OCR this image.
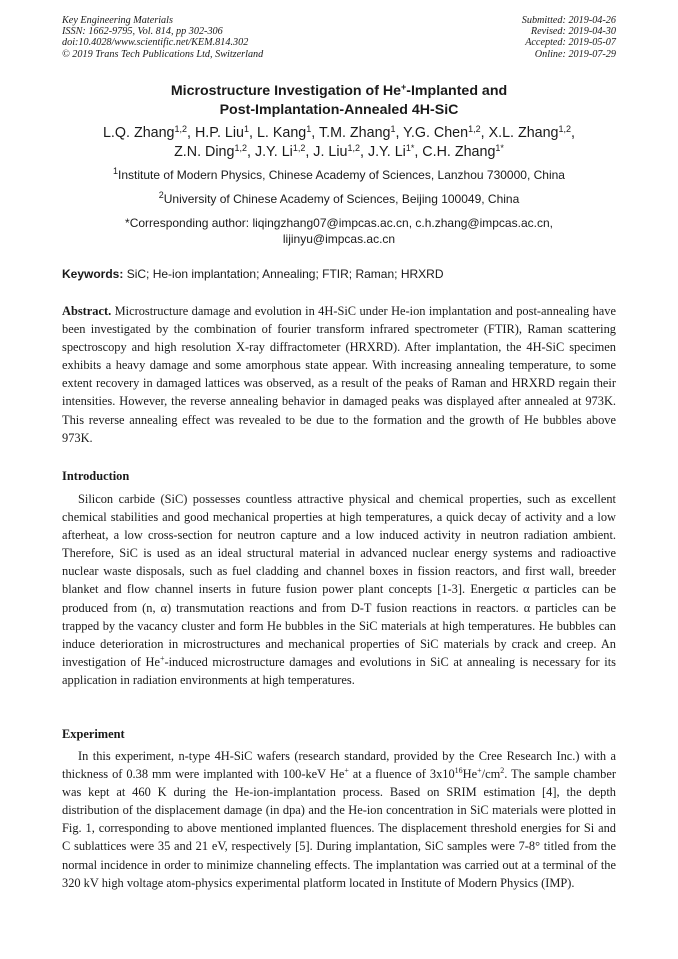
Key Engineering Materials
ISSN: 1662-9795, Vol. 814, pp 302-306
doi:10.4028/www.scientific.net/KEM.814.302
© 2019 Trans Tech Publications Ltd, Switzerland
Submitted: 2019-04-26
Revised: 2019-04-30
Accepted: 2019-05-07
Online: 2019-07-29
Microstructure Investigation of He+-Implanted and
Post-Implantation-Annealed 4H-SiC
L.Q. Zhang$^{1,2}$, H.P. Liu$^1$, L. Kang$^1$, T.M. Zhang$^1$, Y.G. Chen$^{1,2}$, X.L. Zhang$^{1,2}$,
Z.N. Ding$^{1,2}$, J.Y. Li$^{1,2}$, J. Liu$^{1,2}$, J.Y. $Li^{1*}$, C.H. Zhang$^{1*}$
$^1$Institute of Modern Physics, Chinese Academy of Sciences, Lanzhou 730000, China
$^2$University of Chinese Academy of Sciences, Beijing 100049, China
*Corresponding author: liqingzhang07@impcas.ac.cn, c.h.zhang@impcas.ac.cn,
lijinyu@impcas.ac.cn
Keywords: SiC; He-ion implantation; Annealing; FTIR; Raman; HRXRD
Abstract. Microstructure damage and evolution in 4H-SiC under He-ion implantation and post-annealing have been investigated by the combination of fourier transform infrared spectrometer (FTIR), Raman scattering spectroscopy and high resolution X-ray diffractometer (HRXRD). After implantation, the 4H-SiC specimen exhibits a heavy damage and some amorphous state appear. With increasing annealing temperature, to some extent recovery in damaged lattices was observed, as a result of the peaks of Raman and HRXRD regain their intensities. However, the reverse annealing behavior in damaged peaks was displayed after annealed at 973K. This reverse annealing effect was revealed to be due to the formation and the growth of He bubbles above 973K.
Introduction
Silicon carbide (SiC) possesses countless attractive physical and chemical properties, such as excellent chemical stabilities and good mechanical properties at high temperatures, a quick decay of activity and a low afterheat, a low cross-section for neutron capture and a low induced activity in neutron radiation ambient. Therefore, SiC is used as an ideal structural material in advanced nuclear energy systems and radioactive nuclear waste disposals, such as fuel cladding and channel boxes in fission reactors, and first wall, breeder blanket and flow channel inserts in future fusion power plant concepts [1-3]. Energetic α particles can be produced from (n, α) transmutation reactions and from D-T fusion reactions in reactors. α particles can be trapped by the vacancy cluster and form He bubbles in the SiC materials at high temperatures. He bubbles can induce deterioration in microstructures and mechanical properties of SiC materials by crack and creep. An investigation of He+-induced microstructure damages and evolutions in SiC at annealing is necessary for its application in radiation environments at high temperatures.
Experiment
In this experiment, n-type 4H-SiC wafers (research standard, provided by the Cree Research Inc.) with a thickness of 0.38 mm were implanted with 100-keV He+ at a fluence of $3x10^{16}He^+/cm^2$. The sample chamber was kept at 460 K during the He-ion-implantation process. Based on SRIM estimation [4], the depth distribution of the displacement damage (in dpa) and the He-ion concentration in SiC materials were plotted in Fig. 1, corresponding to above mentioned implanted fluences. The displacement threshold energies for Si and C sublattices were 35 and 21 eV, respectively [5]. During implantation, SiC samples were 7-8° titled from the normal incidence in order to minimize channeling effects. The implantation was carried out at a terminal of the 320 kV high voltage atom-physics experimental platform located in Institute of Modern Physics (IMP).
